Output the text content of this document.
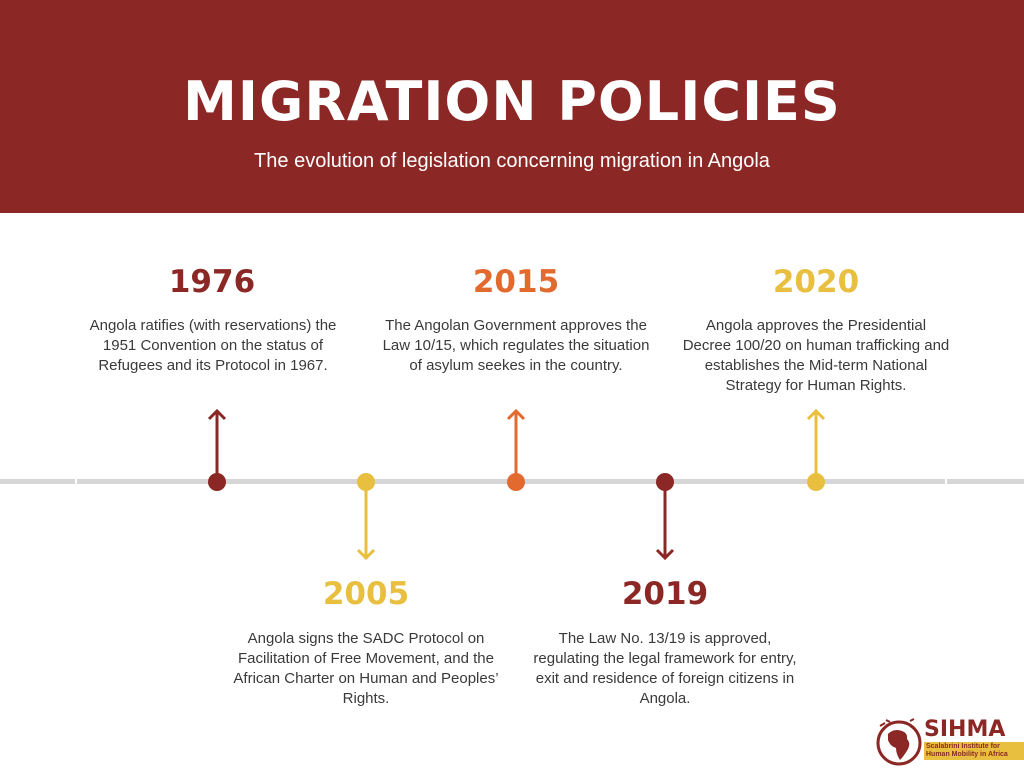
MIGRATION POLICIES
The evolution of legislation concerning migration in Angola
1976
Angola ratifies (with reservations) the 1951 Convention on the status of Refugees and its Protocol in 1967.
2005
Angola signs the SADC Protocol on Facilitation of Free Movement, and the African Charter on Human and Peoples’ Rights.
2015
The Angolan Government approves the Law 10/15, which regulates the situation of asylum seekes in the country.
2019
The Law No. 13/19 is approved, regulating the legal framework for entry, exit and residence of foreign citizens in Angola.
2020
Angola approves the Presidential Decree 100/20 on human trafficking and establishes the Mid-term National Strategy for Human Rights.
SIHMA
Scalabrini Institute for Human Mobility in Africa
